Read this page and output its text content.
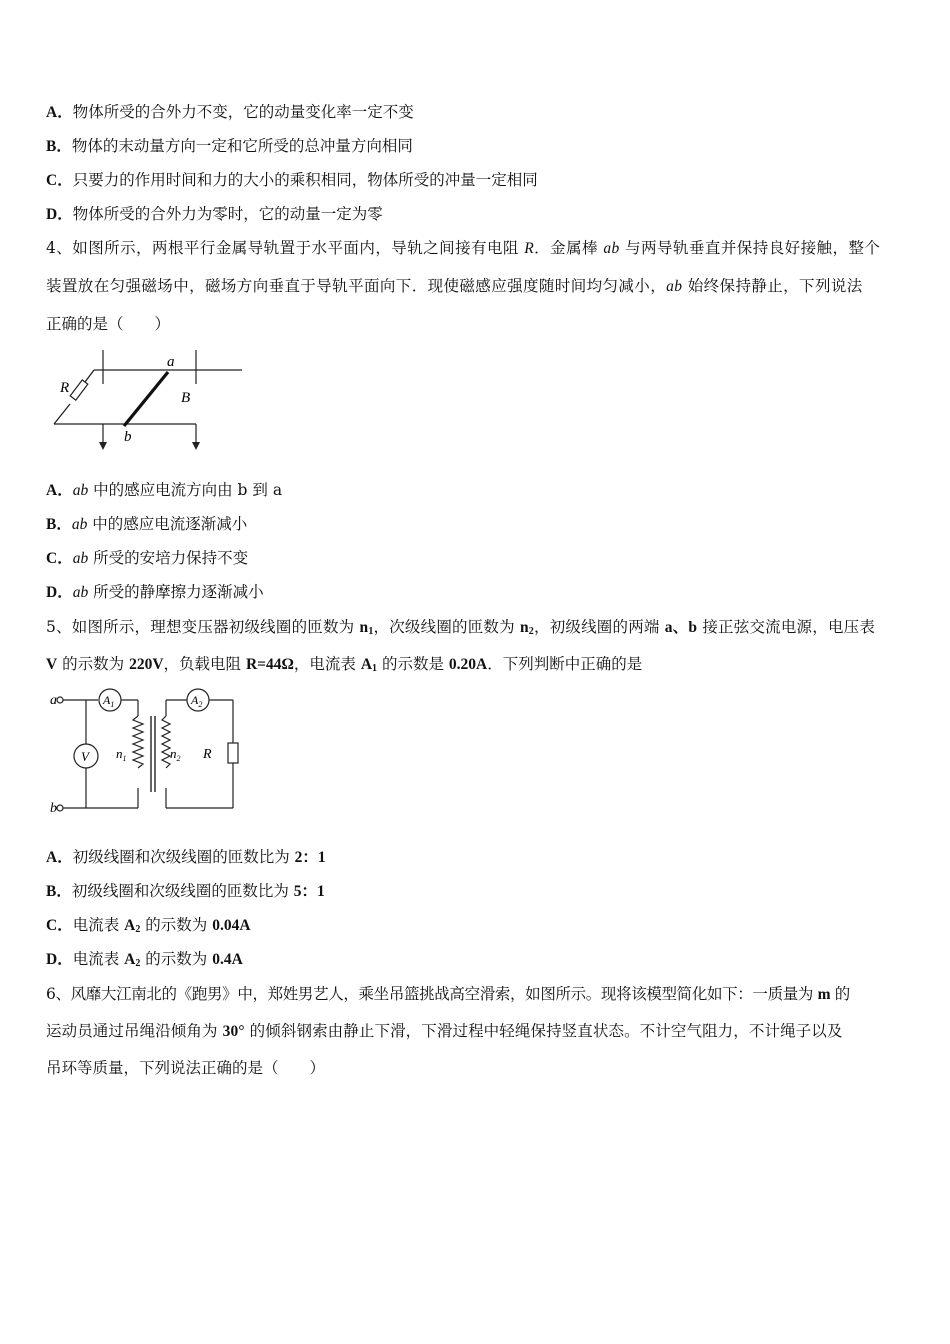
A．物体所受的合外力不变，它的动量变化率一定不变
B．物体的末动量方向一定和它所受的总冲量方向相同
C．只要力的作用时间和力的大小的乘积相同，物体所受的冲量一定相同
D．物体所受的合外力为零时，它的动量一定为零
4、如图所示，两根平行金属导轨置于水平面内，导轨之间接有电阻 R．金属棒 ab 与两导轨垂直并保持良好接触，整个
装置放在匀强磁场中，磁场方向垂直于导轨平面向下．现使磁感应强度随时间均匀减小，ab 始终保持静止，下列说法
正确的是（　　）
R
a
B
b
A．ab 中的感应电流方向由 b 到 a
B．ab 中的感应电流逐渐减小
C．ab 所受的安培力保持不变
D．ab 所受的静摩擦力逐渐减小
5、如图所示，理想变压器初级线圈的匝数为 $n_1$，次级线圈的匝数为 $n_2$，初级线圈的两端 a、b 接正弦交流电源，电压表
V 的示数为 220V，负载电阻 R=44Ω，电流表 $A_1$ 的示数是 0.20A．下列判断中正确的是
a
b
$A_1$	$A_2$
V $n_1$	$n_2$ R
A．初级线圈和次级线圈的匝数比为 2：1
B．初级线圈和次级线圈的匝数比为 5：1
C．电流表 $A_2$ 的示数为 0.04A
D．电流表 $A_2$ 的示数为 0.4A
6、风靡大江南北的《跑男》中，郑姓男艺人，乘坐吊篮挑战高空滑索，如图所示。现将该模型简化如下：一质量为 m 的
运动员通过吊绳沿倾角为 30° 的倾斜钢索由静止下滑，下滑过程中轻绳保持竖直状态。不计空气阻力，不计绳子以及
吊环等质量，下列说法正确的是（　　）
